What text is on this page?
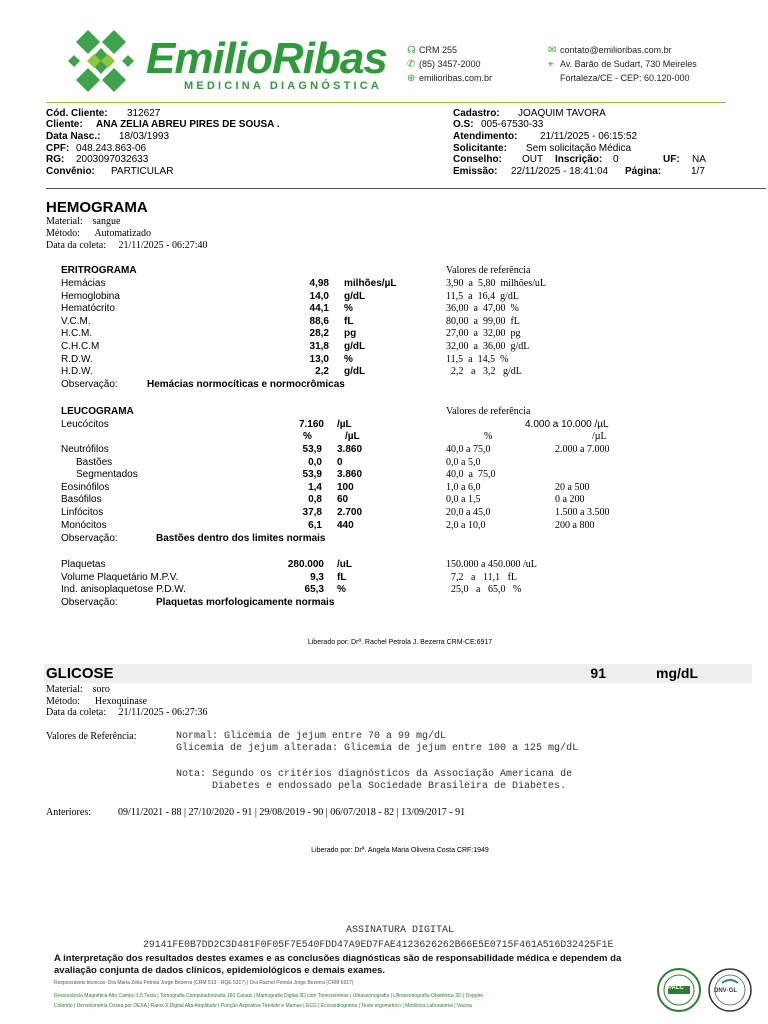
EmilioRibas
MEDICINA DIAGNÓSTICA
☊ CRM 255
✆ (85) 3457-2000
⊕ emilioribas.com.br
✉ contato@emilioribas.com.br
⌖ Av. Barão de Sudart, 730 Meireles
Fortaleza/CE - CEP: 60.120-000
Cód. Cliente: 312627
Cliente: ANA ZELIA ABREU PIRES DE SOUSA .
Data Nasc.: 18/03/1993
CPF: 048.243.863-06
RG: 2003097032633
Convênio: PARTICULAR
Cadastro: JOAQUIM TAVORA
O.S: 005-67530-33
Atendimento: 21/11/2025 - 06:15:52
Solicitante: Sem solicitação Médica
Conselho: OUT Inscrição: 0	UF: NA
Emissão: 22/11/2025 - 18:41:04 Página:	1/7
HEMOGRAMA
Material:    sangue
Método:      Automatizado
Data da coleta:     21/11/2025 - 06:27:40
ERITROGRAMA	Valores de referência
Hemácias	4,98 milhões/µL	3,90  a  5,80  milhões/uL
Hemoglobina	14,0 g/dL	11,5  a  16,4  g/dL
Hematócrito	44,1 %	36,00  a  47,00  %
V.C.M.	88,6 fL	80,00  a  99,00  fL
H.C.M.	28,2 pg	27,00  a  32,00  pg
C.H.C.M	31,8 g/dL	32,00  a  36,00  g/dL
R.D.W.	13,0 %	11,5  a  14,5  %
H.D.W.	2,2 g/dL	2,2   a   3,2   g/dL
Observação:	Hemácias normocíticas e normocrômicas
LEUCOGRAMA	Valores de referência
Leucócitos	7.160 /µL	4.000 a 10.000 /µL
%	/µL	%	/µL
Neutrófilos	53,9 3.860	40,0 a 75,0	2.000 a 7.000
Bastões	0,0 0	0,0 a 5,0
Segmentados	53,9 3.860	40,0  a  75,0
Eosinófilos	1,4 100	1,0 a 6,0	20 a 500
Basófilos	0,8 60	0,0 a 1,5	0 a 200
Linfócitos	37,8 2.700	20,0 a 45,0	1.500 a 3.500
Monócitos	6,1 440	2,0 a 10,0	200 a 800
Observação:	Bastões dentro dos limites normais
Plaquetas	280.000 /uL	150.000 a 450.000 /uL
Volume Plaquetário M.P.V.	9,3 fL	7,2   a   11,1   fL
Ind. anisoplaquetose P.D.W.	65,3 %	25,0   a   65,0   %
Observação:	Plaquetas morfologicamente normais
Liberado por: Drª. Rachel Petrola J. Bezerra CRM-CE:6917
GLICOSE	91	mg/dL
Material:    soro
Método:      Hexoquinase
Data da coleta:     21/11/2025 - 06:27:36
Valores de Referência:	Normal: Glicemia de jejum entre 70 a 99 mg/dL
Glicemia de jejum alterada: Glicemia de jejum entre 100 a 125 mg/dL
Nota: Segundo os critérios diagnósticos da Associação Americana de
Diabetes e endossado pela Sociedade Brasileira de Diabetes.
Anteriores:	09/11/2021 - 88 | 27/10/2020 - 91 | 29/08/2019 - 90 | 06/07/2018 - 82 | 13/09/2017 - 91
Liberado por: Drª. Angela Maria Oliveira Costa CRF:1949
ASSINATURA DIGITAL
29141FE0B7DD2C3D481F0F05F7E540FDD47A9ED7FAE4123626262B66E5E0715F461A516D32425F1E
A interpretação dos resultados destes exames e as conclusões diagnósticas são de responsabilidade médica e dependem da
avaliação conjunta de dados clínicos, epidemiológicos e demais exames.
Responsáveis técnicos: Dra Maria Zélia Petrola Jorge Bezerra (CRM 513 · RQE 5317) | Dra Rachel Petrola Jorge Bezerra (CRM 6917)
Ressonância Magnética Alto Campo 1,5 Tesla | Tomografia Computadorizada 160 Canais | Mamografia Digital 3D com Tomossíntese | Ultrassonografia | Ultrassonografia Obstétrica 3D | Doppler
Colorido | Densitometria Óssea por DEXA | Raios X Digital Alta Amplitude | Punção Aspirativa Tireóide e Mamas | ECG | Ecocardiograma | Teste ergométrico | Medicina Laboratorial | Vacina
PALC	DNV·GL
